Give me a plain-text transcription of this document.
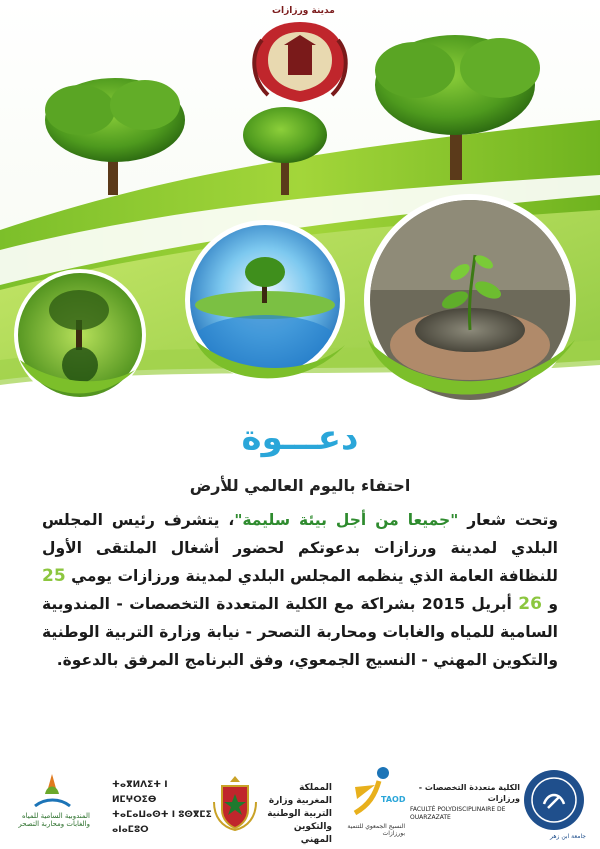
مدينة ورزازات
دعـــوة
احتفاء باليوم العالمي للأرض
وتحت شعار "جميعا من أجل بيئة سليمة"، يتشرف رئيس المجلس البلدي لمدينة ورزازات بدعوتكم لحضور أشغال الملتقى الأول للنظافة العامة الذي ينظمه المجلس البلدي لمدينة ورزازات يومي 25 و 26 أبريل 2015 بشراكة مع الكلية المتعددة التخصصات - المندوبية السامية للمياه والغابات ومحاربة التصحر - نيابة وزارة التربية الوطنية والتكوين المهني - النسيج الجمعوي، وفق البرنامج المرفق بالدعوة.
المندوبية السامية للمياه والغابات ومحاربة التصحر
ⵜⴰⴳⵍⴷⵉⵜ ⵏ ⵍⵎⵖⵔⵉⴱ ⵜⴰⵎⴰⵡⴰⵙⵜ ⵏ ⵓⵙⴳⵎⵉ ⴰⵏⴰⵎⵓⵔ
المملكة المغربية وزارة التربية الوطنية والتكوين المهني
TAOD
النسيج الجمعوي للتنمية بورزازات
الكلية متعددة التخصصات - ورزازات
FACULTÉ POLYDISCIPLINAIRE DE OUARZAZATE
جامعة ابن زهر
